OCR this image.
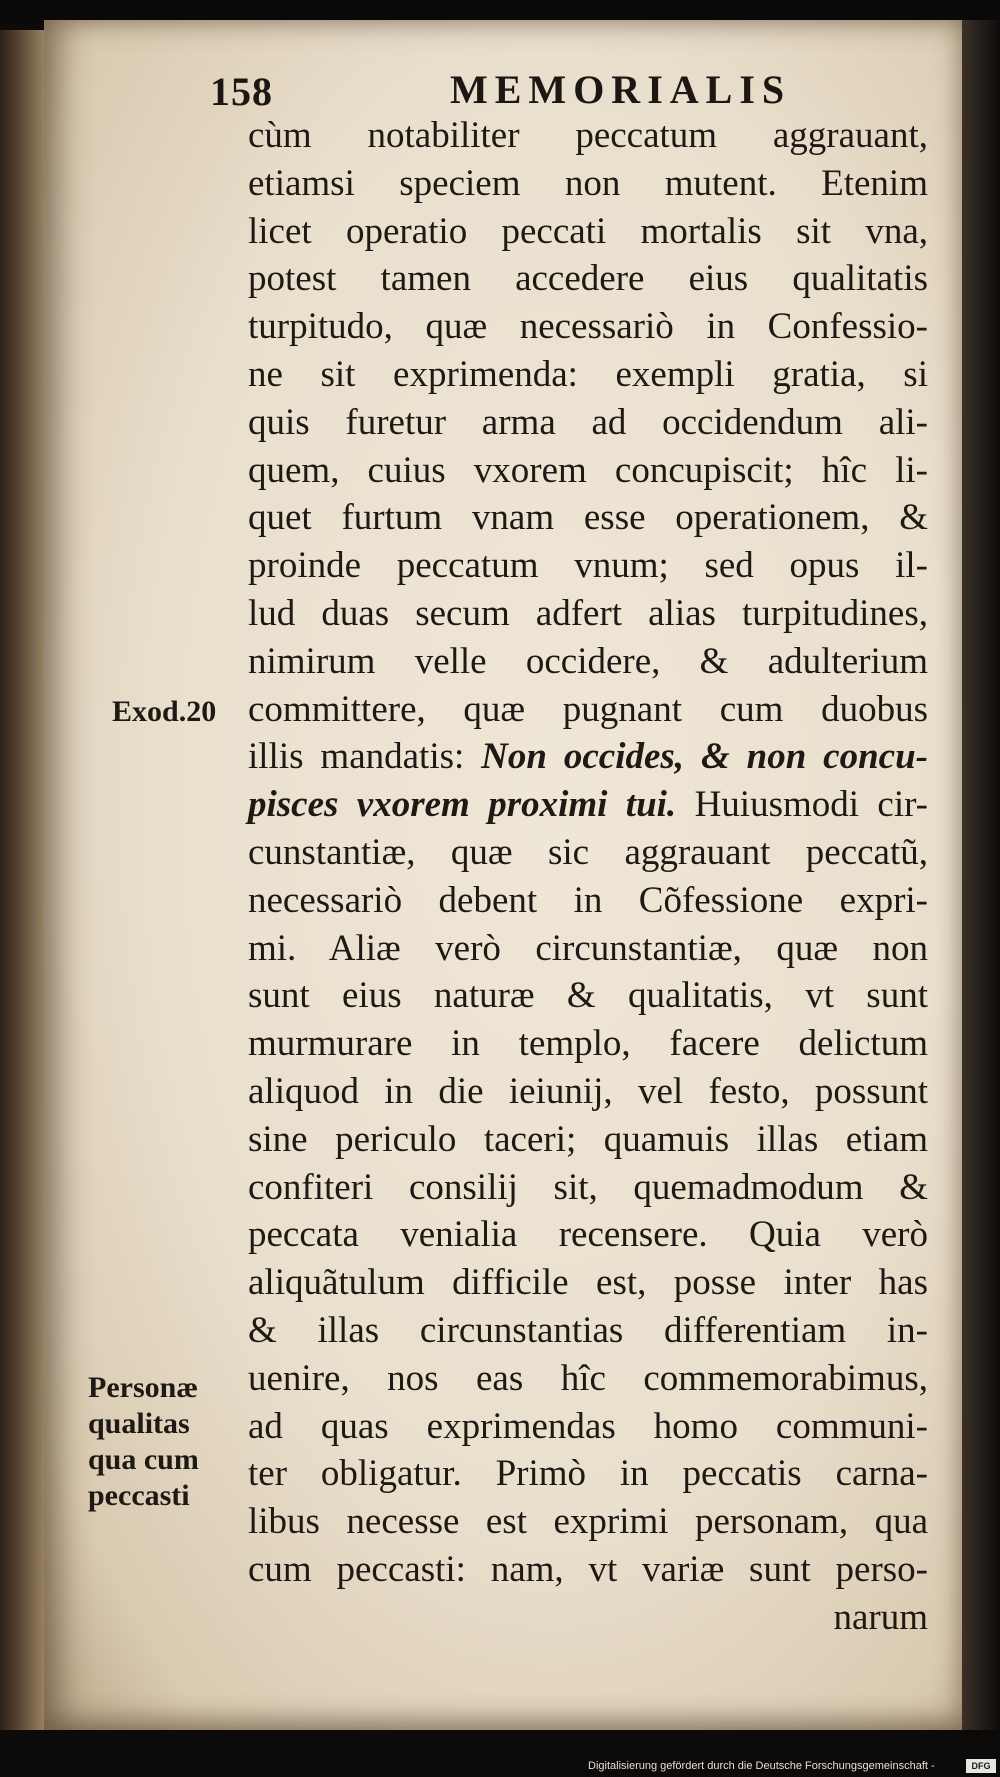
158	MEMORIALIS
cùm notabiliter peccatum aggrauant,
etiamsi speciem non mutent. Etenim
licet operatio peccati mortalis sit vna,
potest tamen accedere eius qualitatis
turpitudo, quæ necessariò in Confessio-
ne sit exprimenda: exempli gratia, si
quis furetur arma ad occidendum ali-
quem, cuius vxorem concupiscit; hîc li-
quet furtum vnam esse operationem, &
proinde peccatum vnum; sed opus il-
lud duas secum adfert alias turpitudines,
nimirum velle occidere, & adulterium
committere, quæ pugnant cum duobus
illis mandatis: Non occides, & non concu-
pisces vxorem proximi tui. Huiusmodi cir-
cunstantiæ, quæ sic aggrauant peccatũ,
necessariò debent in Cõfessione expri-
mi. Aliæ verò circunstantiæ, quæ non
sunt eius naturæ & qualitatis, vt sunt
murmurare in templo, facere delictum
aliquod in die ieiunij, vel festo, possunt
sine periculo taceri; quamuis illas etiam
confiteri consilij sit, quemadmodum &
peccata venialia recensere. Quia verò
aliquãtulum difficile est, posse inter has
& illas circunstantias differentiam in-
uenire, nos eas hîc commemorabimus,
ad quas exprimendas homo communi-
ter obligatur. Primò in peccatis carna-
libus necesse est exprimi personam, qua
cum peccasti: nam, vt variæ sunt perso-
narum
Exod.20
Personæ
qualitas
qua cum
peccasti
Digitalisierung gefördert durch die Deutsche Forschungsgemeinschaft -	DFG
